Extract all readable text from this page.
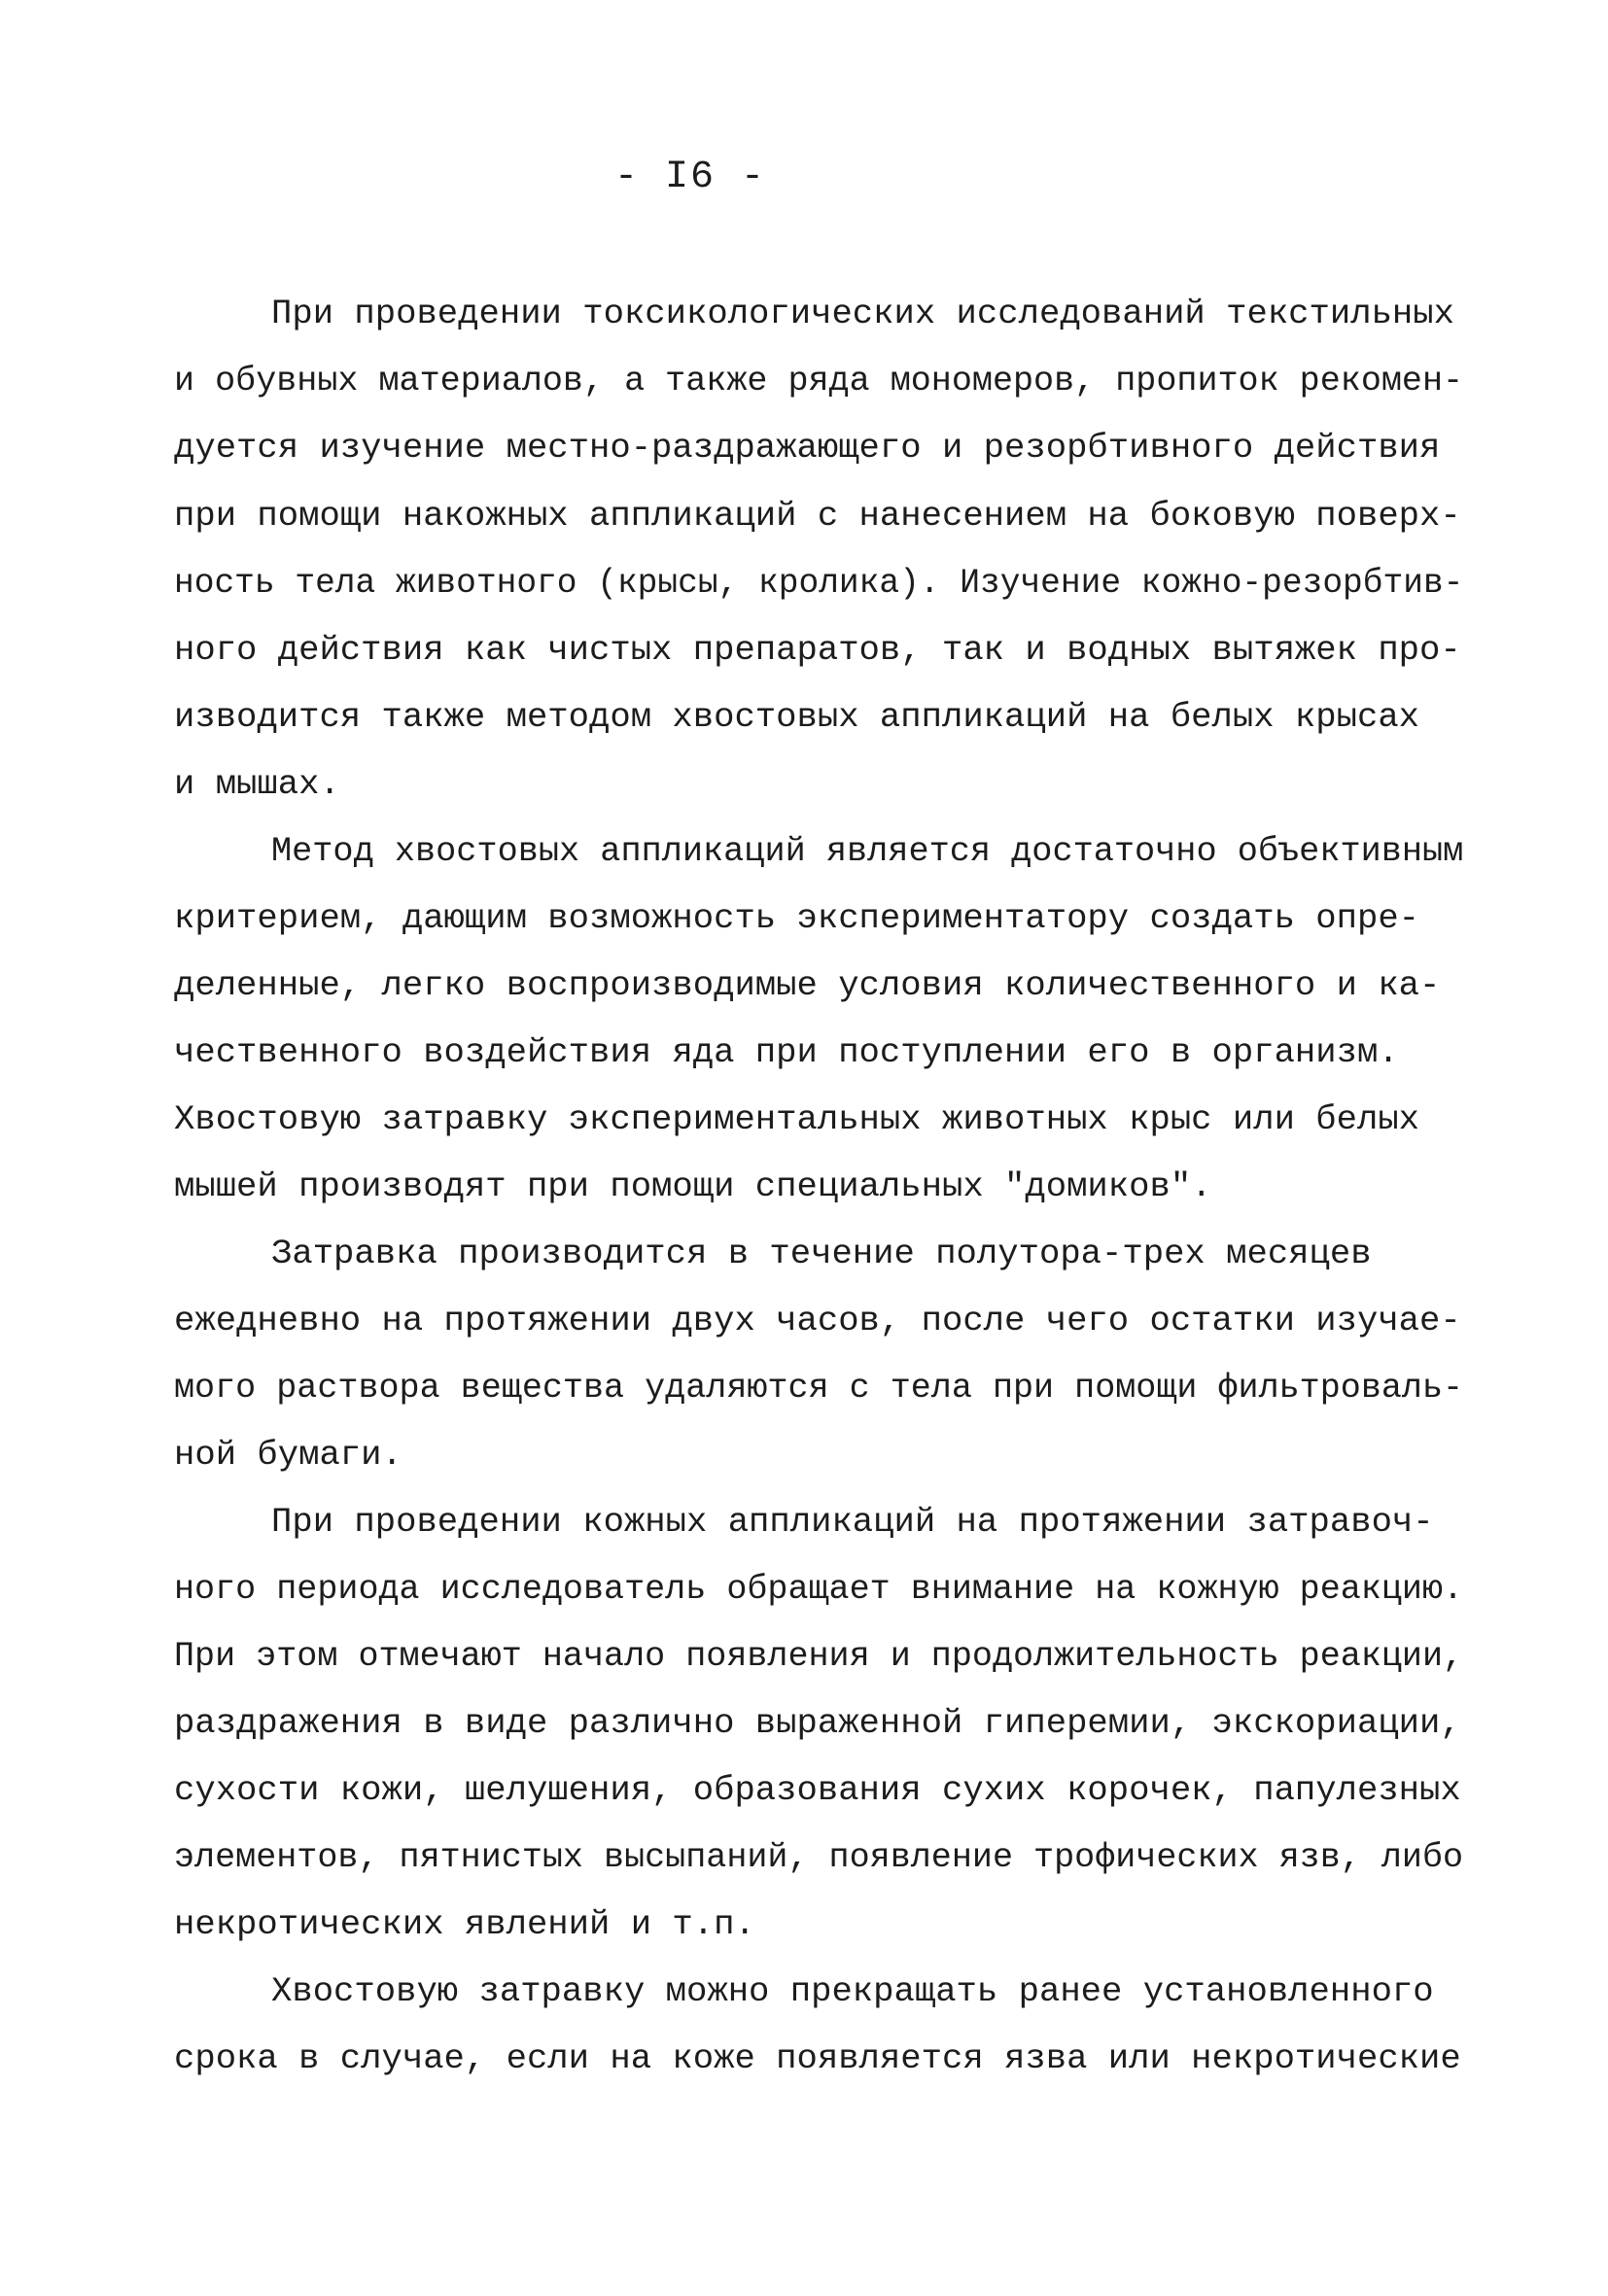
- I6 -
При проведении токсикологических исследований текстильных
и обувных материалов, а также ряда мономеров, пропиток рекомен-
дуется изучение местно-раздражающего и резорбтивного действия
при помощи накожных аппликаций с нанесением на боковую поверх-
ность тела животного (крысы, кролика). Изучение кожно-резорбтив-
ного действия как чистых препаратов, так и водных вытяжек про-
изводится также методом хвостовых аппликаций на белых крысах
и мышах.
Метод хвостовых аппликаций является достаточно объективным
критерием, дающим возможность экспериментатору создать опре-
деленные, легко воспроизводимые условия количественного и ка-
чественного воздействия яда при поступлении его в организм.
Хвостовую затравку экспериментальных животных крыс или белых
мышей производят при помощи специальных "домиков".
Затравка производится в течение полутора-трех месяцев
ежедневно на протяжении двух часов, после чего остатки изучае-
мого раствора вещества удаляются с тела при помощи фильтроваль-
ной бумаги.
При проведении кожных аппликаций на протяжении затравоч-
ного периода исследователь обращает внимание на кожную реакцию.
При этом отмечают начало появления и продолжительность реакции,
раздражения в виде различно выраженной гиперемии, экскориации,
сухости кожи, шелушения, образования сухих корочек, папулезных
элементов, пятнистых высыпаний, появление трофических язв, либо
некротических явлений и т.п.
Хвостовую затравку можно прекращать ранее установленного
срока в случае, если на коже появляется язва или некротические
